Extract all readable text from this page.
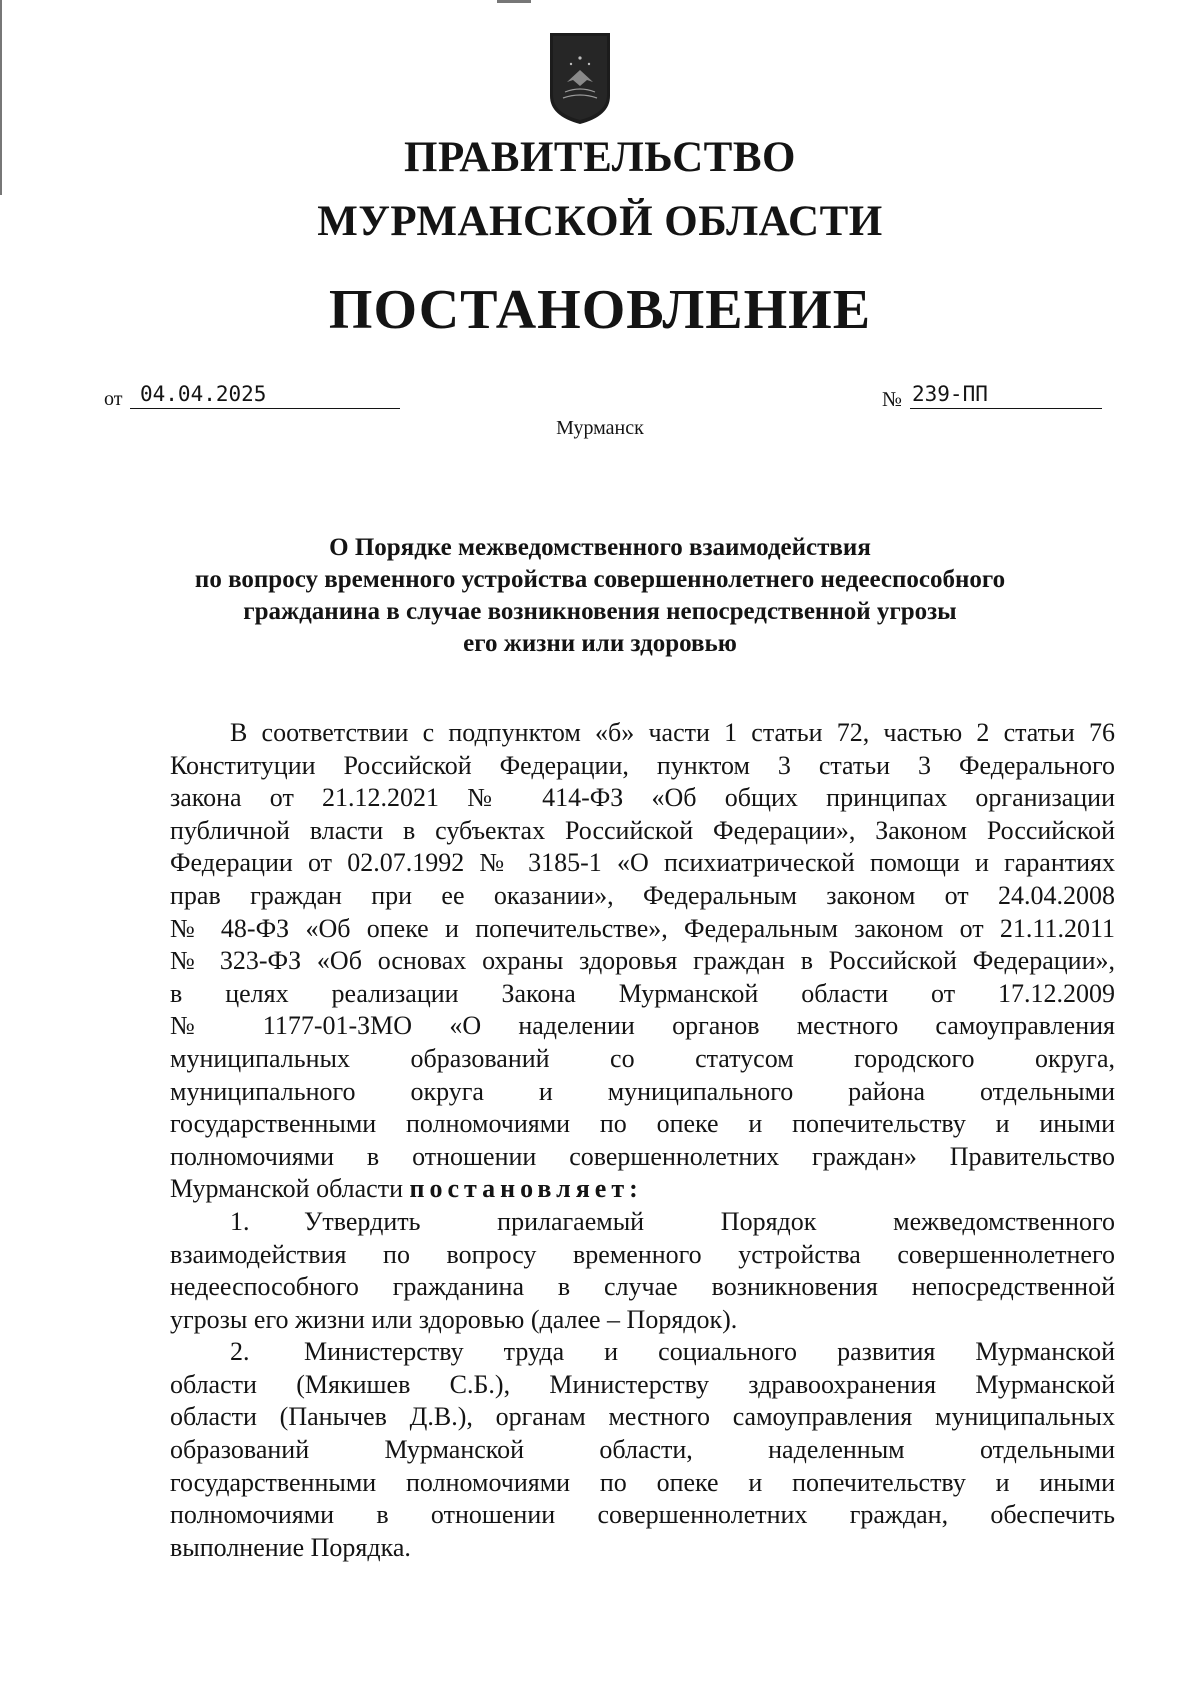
ПРАВИТЕЛЬСТВО
МУРМАНСКОЙ ОБЛАСТИ
ПОСТАНОВЛЕНИЕ
от 04.04.2025	№ 239-ПП
Мурманск
О Порядке межведомственного взаимодействия
по вопросу временного устройства совершеннолетнего недееспособного
гражданина в случае возникновения непосредственной угрозы
его жизни или здоровью

В соответствии с подпунктом «б» части 1 статьи 72, частью 2 статьи 76

Конституции Российской Федерации, пунктом 3 статьи 3 Федерального

закона от 21.12.2021 № 414-ФЗ «Об общих принципах организации

публичной власти в субъектах Российской Федерации», Законом Российской

Федерации от 02.07.1992 № 3185-1 «О психиатрической помощи и гарантиях

прав граждан при ее оказании», Федеральным законом от 24.04.2008

№ 48-ФЗ «Об опеке и попечительстве», Федеральным законом от 21.11.2011

№ 323-ФЗ «Об основах охраны здоровья граждан в Российской Федерации»,

в целях реализации Закона Мурманской области от 17.12.2009

№ 1177-01-ЗМО «О наделении органов местного самоуправления

муниципальных образований со статусом городского округа,

муниципального округа и муниципального района отдельными

государственными полномочиями по опеке и попечительству и иными

полномочиями в отношении совершеннолетних граждан» Правительство

Мурманской области постановляет:

1. Утвердить прилагаемый Порядок межведомственного

взаимодействия по вопросу временного устройства совершеннолетнего

недееспособного гражданина в случае возникновения непосредственной

угрозы его жизни или здоровью (далее – Порядок).

2. Министерству труда и социального развития Мурманской

области (Мякишев С.Б.), Министерству здравоохранения Мурманской

области (Панычев Д.В.), органам местного самоуправления муниципальных

образований Мурманской области, наделенным отдельными

государственными полномочиями по опеке и попечительству и иными

полномочиями в отношении совершеннолетних граждан, обеспечить

выполнение Порядка.
